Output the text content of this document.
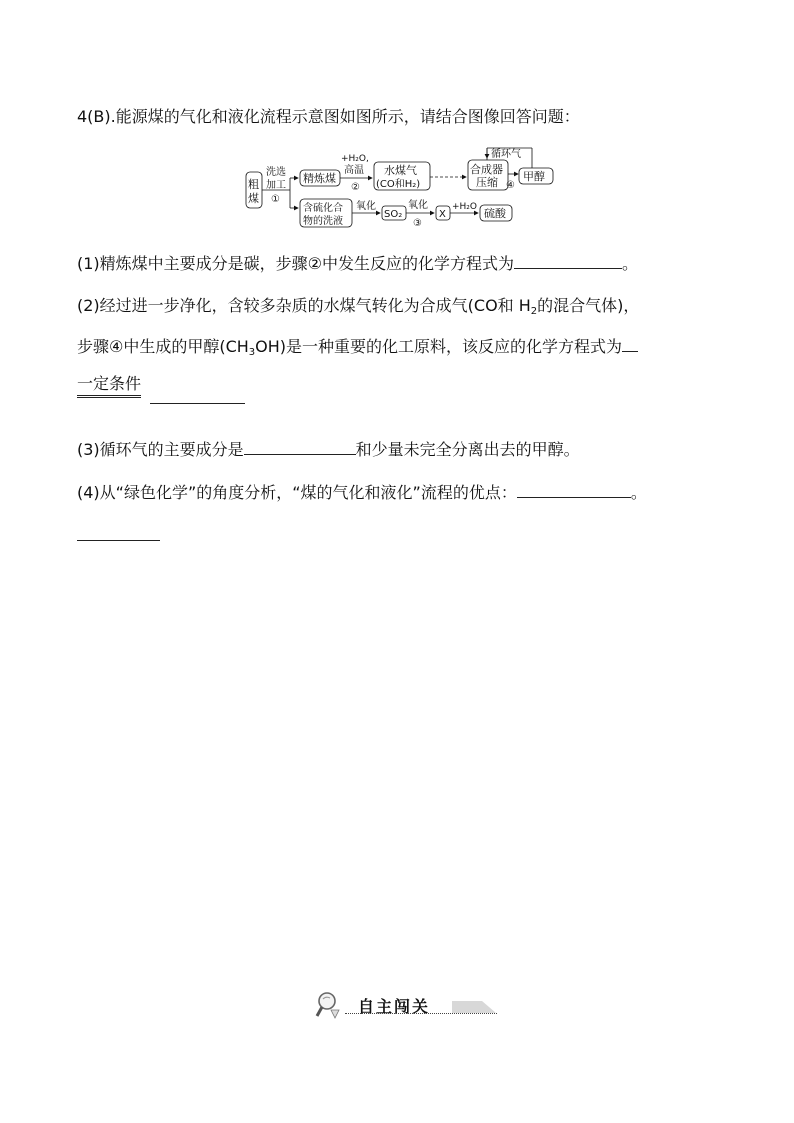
4(B).能源煤的气化和液化流程示意图如图所示，请结合图像回答问题：
粗
煤
洗选
加工
①
精炼煤
+H₂O,
高温
②
水煤气
(CO和H₂)
合成器
压缩
循环气
④
甲醇
含硫化合
物的洗液
氧化
SO₂
氧化
③
X
+H₂O 硫酸
(1)精炼煤中主要成分是碳，步骤②中发生反应的化学方程式为	。
(2)经过进一步净化，含较多杂质的水煤气转化为合成气(CO和 $H_2$的混合气体)，
步骤④中生成的甲醇$(CH_3OH)$是一种重要的化工原料，该反应的化学方程式为
一定条件
(3)循环气的主要成分是	和少量未完全分离出去的甲醇。
(4)从“绿色化学”的角度分析，“煤的气化和液化”流程的优点：	。
自主闯关
